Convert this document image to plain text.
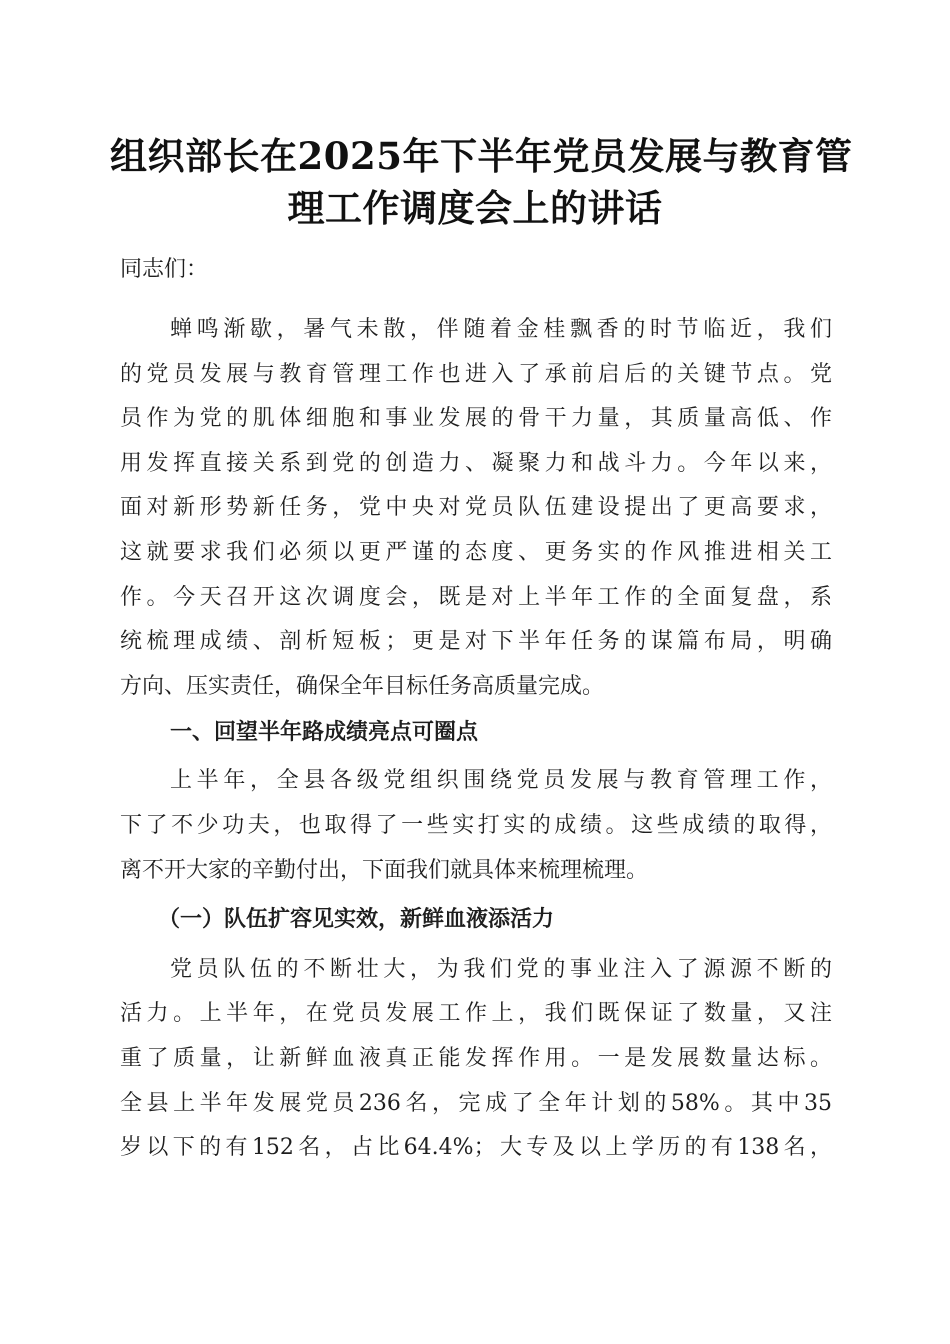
组织部长在2025年下半年党员发展与教育管
理工作调度会上的讲话
同志们：
蝉鸣渐歇，暑气未散，伴随着金桂飘香的时节临近，我们
的党员发展与教育管理工作也进入了承前启后的关键节点。党
员作为党的肌体细胞和事业发展的骨干力量，其质量高低、作
用发挥直接关系到党的创造力、凝聚力和战斗力。今年以来，
面对新形势新任务，党中央对党员队伍建设提出了更高要求，
这就要求我们必须以更严谨的态度、更务实的作风推进相关工
作。今天召开这次调度会，既是对上半年工作的全面复盘，系
统梳理成绩、剖析短板；更是对下半年任务的谋篇布局，明确
方向、压实责任，确保全年目标任务高质量完成。
一、回望半年路成绩亮点可圈点
上半年，全县各级党组织围绕党员发展与教育管理工作，
下了不少功夫，也取得了一些实打实的成绩。这些成绩的取得，
离不开大家的辛勤付出，下面我们就具体来梳理梳理。
（一）队伍扩容见实效，新鲜血液添活力
党员队伍的不断壮大，为我们党的事业注入了源源不断的
活力。上半年，在党员发展工作上，我们既保证了数量，又注
重了质量，让新鲜血液真正能发挥作用。一是发展数量达标。
全县上半年发展党员236名，完成了全年计划的58%。其中35
岁以下的有152名，占比64.4%；大专及以上学历的有138名，
